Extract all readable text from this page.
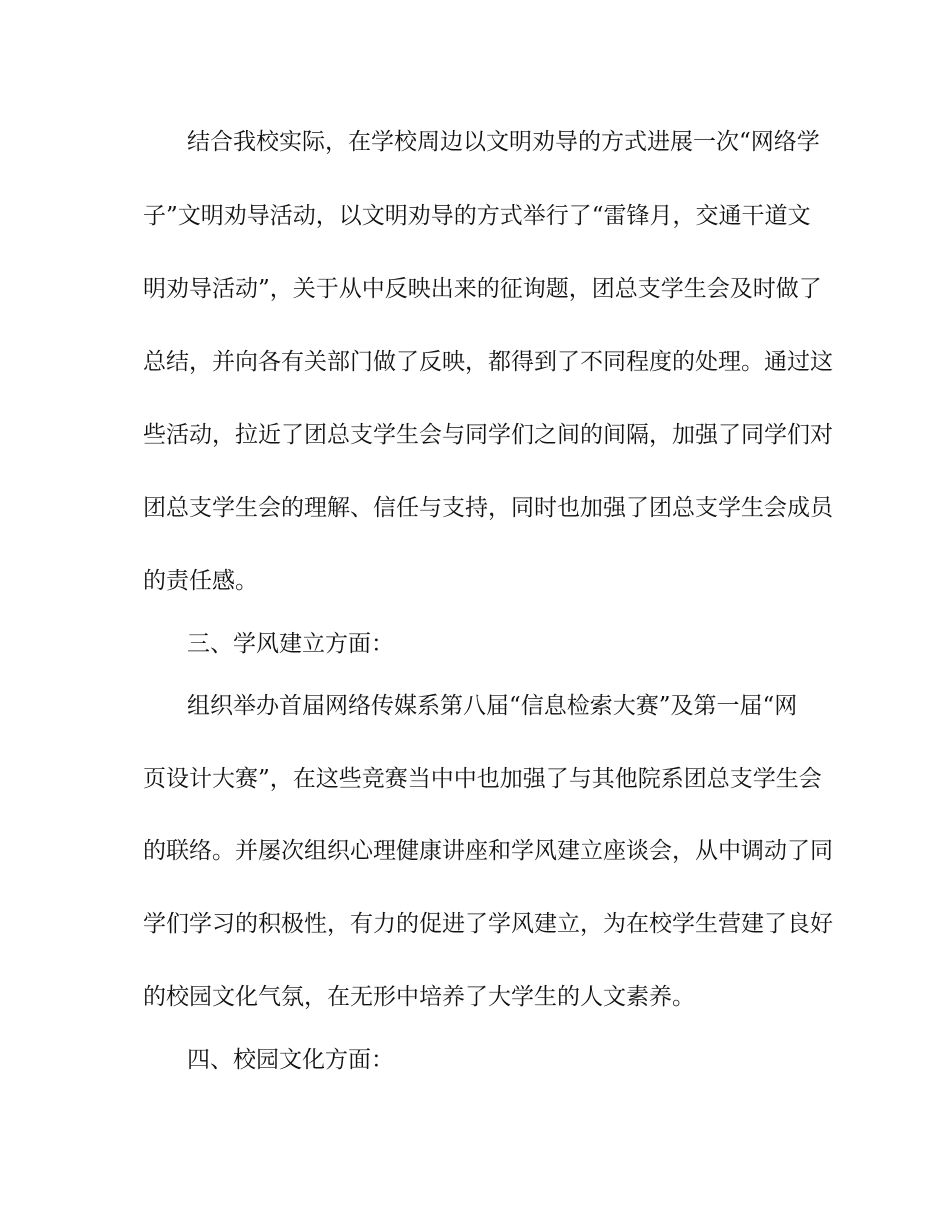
结合我校实际，在学校周边以文明劝导的方式进展一次“网络学
子”文明劝导活动，以文明劝导的方式举行了“雷锋月，交通干道文
明劝导活动”，关于从中反映出来的征询题，团总支学生会及时做了
总结，并向各有关部门做了反映，都得到了不同程度的处理。通过这
些活动，拉近了团总支学生会与同学们之间的间隔，加强了同学们对
团总支学生会的理解、信任与支持，同时也加强了团总支学生会成员
的责任感。
三、学风建立方面：
组织举办首届网络传媒系第八届“信息检索大赛”及第一届“网
页设计大赛”，在这些竞赛当中中也加强了与其他院系团总支学生会
的联络。并屡次组织心理健康讲座和学风建立座谈会，从中调动了同
学们学习的积极性，有力的促进了学风建立，为在校学生营建了良好
的校园文化气氛，在无形中培养了大学生的人文素养。
四、校园文化方面：
